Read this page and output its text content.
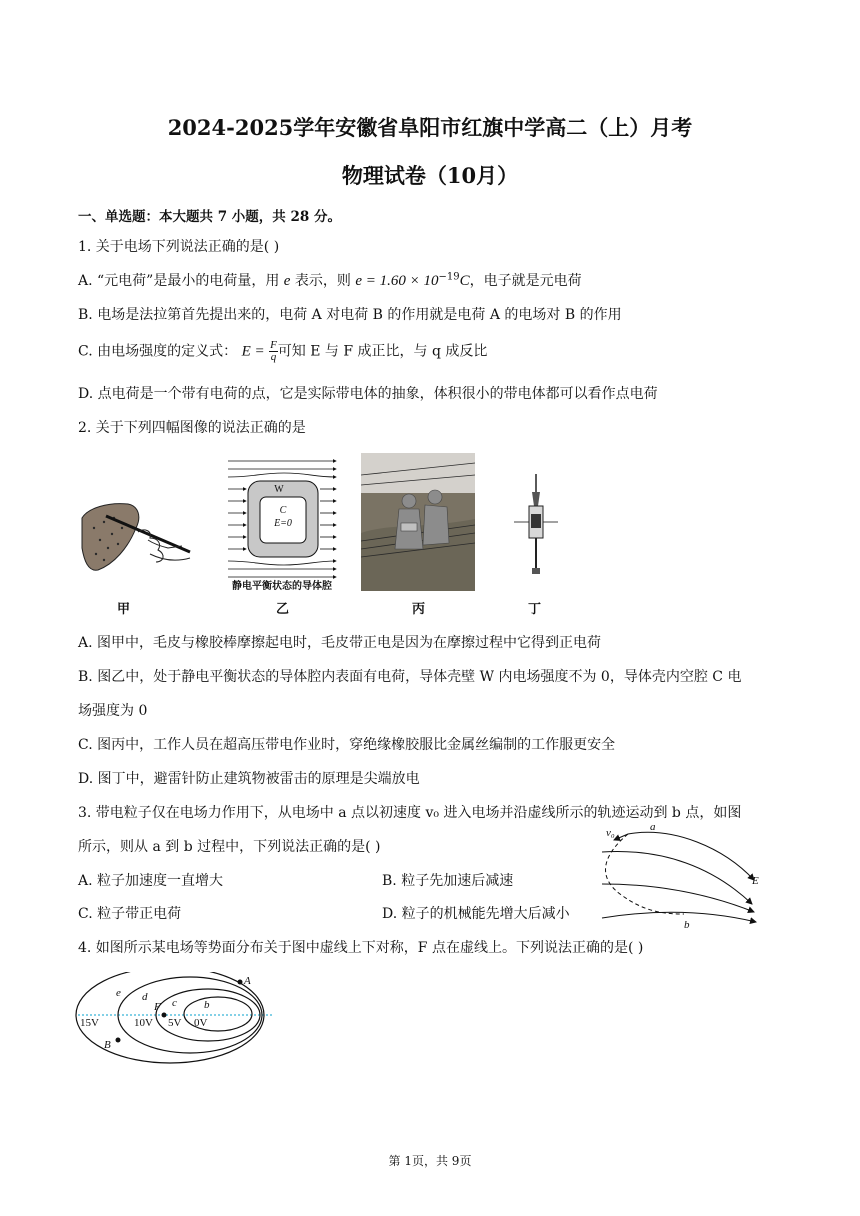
2024-2025学年安徽省阜阳市红旗中学高二（上）月考
物理试卷（10月）
一、单选题：本大题共 7 小题，共 28 分。
1. 关于电场下列说法正确的是( )
A. “元电荷”是最小的电荷量，用 e 表示，则 $e = 1.60 \times 10^{-19}C$，电子就是元电荷
B. 电场是法拉第首先提出来的，电荷 A 对电荷 B 的作用就是电荷 A 的电场对 B 的作用
C. 由电场强度的定义式： $E = \frac{F}{q}$ 可知 E 与 F 成正比，与 q 成反比
D. 点电荷是一个带有电荷的点，它是实际带电体的抽象，体积很小的带电体都可以看作点电荷
2. 关于下列四幅图像的说法正确的是
甲
W
C
E=0
静电平衡状态的导体腔
乙	丙	丁
A. 图甲中，毛皮与橡胶棒摩擦起电时，毛皮带正电是因为在摩擦过程中它得到正电荷
B. 图乙中，处于静电平衡状态的导体腔内表面有电荷，导体壳壁 W 内电场强度不为 0，导体壳内空腔 C 电
场强度为 0
C. 图丙中，工作人员在超高压带电作业时，穿绝缘橡胶服比金属丝编制的工作服更安全
D. 图丁中，避雷针防止建筑物被雷击的原理是尖端放电
3. 带电粒子仅在电场力作用下，从电场中 a 点以初速度 v₀ 进入电场并沿虚线所示的轨迹运动到 b 点，如图
所示，则从 a 到 b 过程中，下列说法正确的是( )
A. 粒子加速度一直增大	B. 粒子先加速后减速
C. 粒子带正电荷	D. 粒子的机械能先增大后减小
v₀	a
b
E
4. 如图所示某电场等势面分布关于图中虚线上下对称，F 点在虚线上。下列说法正确的是( )
A
B
F
e d c b
15V	10V 5V 0V
第 1页，共 9页
